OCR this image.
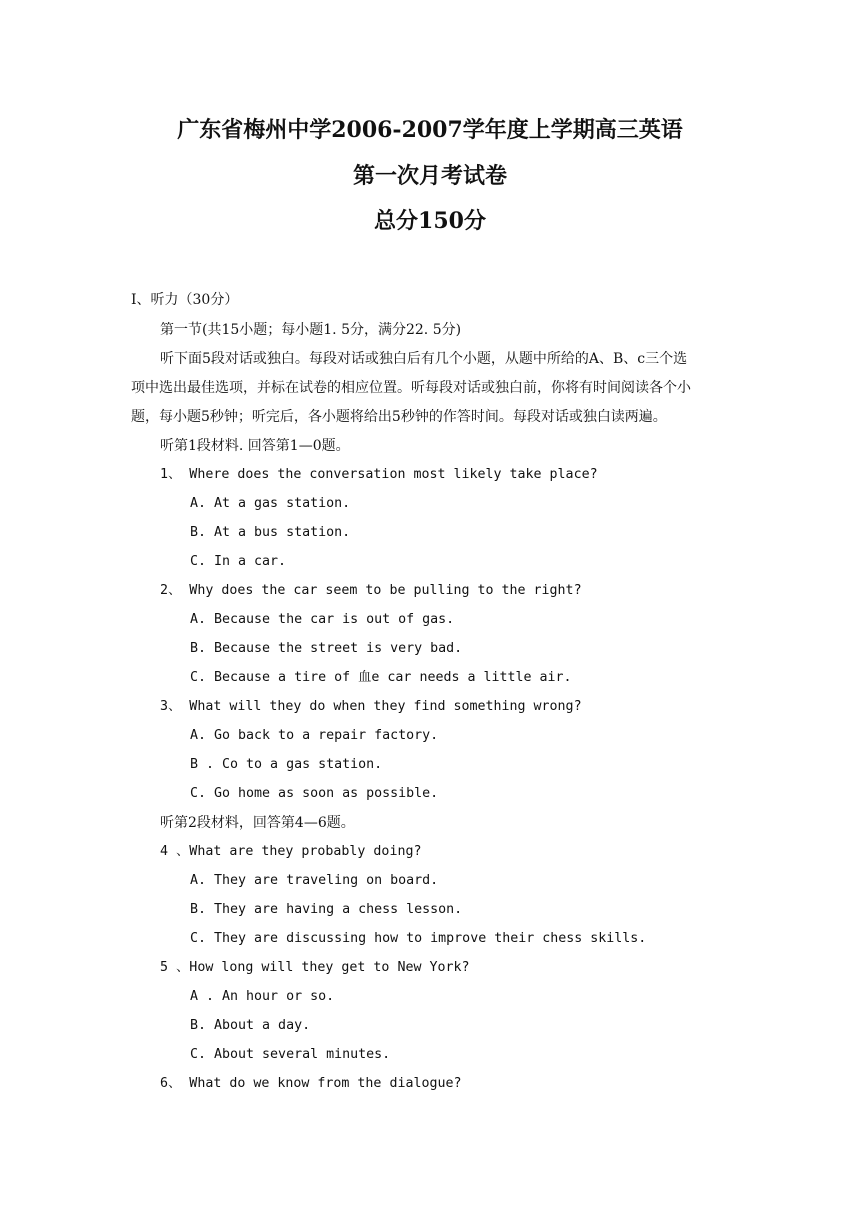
广东省梅州中学2006-2007学年度上学期高三英语
第一次月考试卷
总分150分
Ⅰ、听力（30分）
第一节(共15小题；每小题1. 5分，满分22. 5分)
听下面5段对话或独白。每段对话或独白后有几个小题，从题中所给的A、B、c三个选
项中选出最佳选项，并标在试卷的相应位置。听每段对话或独白前，你将有时间阅读各个小
题，每小题5秒钟；听完后，各小题将给出5秒钟的作答时间。每段对话或独白读两遍。
听第1段材料. 回答第1—0题。
1、 Where does the conversation most likely take place?
A. At a gas station.
B. At a bus station.
C. In a car.
2、 Why does the car seem to be pulling to the right?
A. Because the car is out of gas.
B. Because the street is very bad.
C. Because a tire of 血e car needs a little air.
3、 What will they do when they find something wrong?
A. Go back to a repair factory.
B . Co to a gas station.
C. Go home as soon as possible.
听第2段材料，回答第4—6题。
4 、What are they probably doing?
A. They are traveling on board.
B. They are having a chess lesson.
C. They are discussing how to improve their chess skills.
5 、How long will they get to New York?
A . An hour or so.
B. About a day.
C. About several minutes.
6、 What do we know from the dialogue?
